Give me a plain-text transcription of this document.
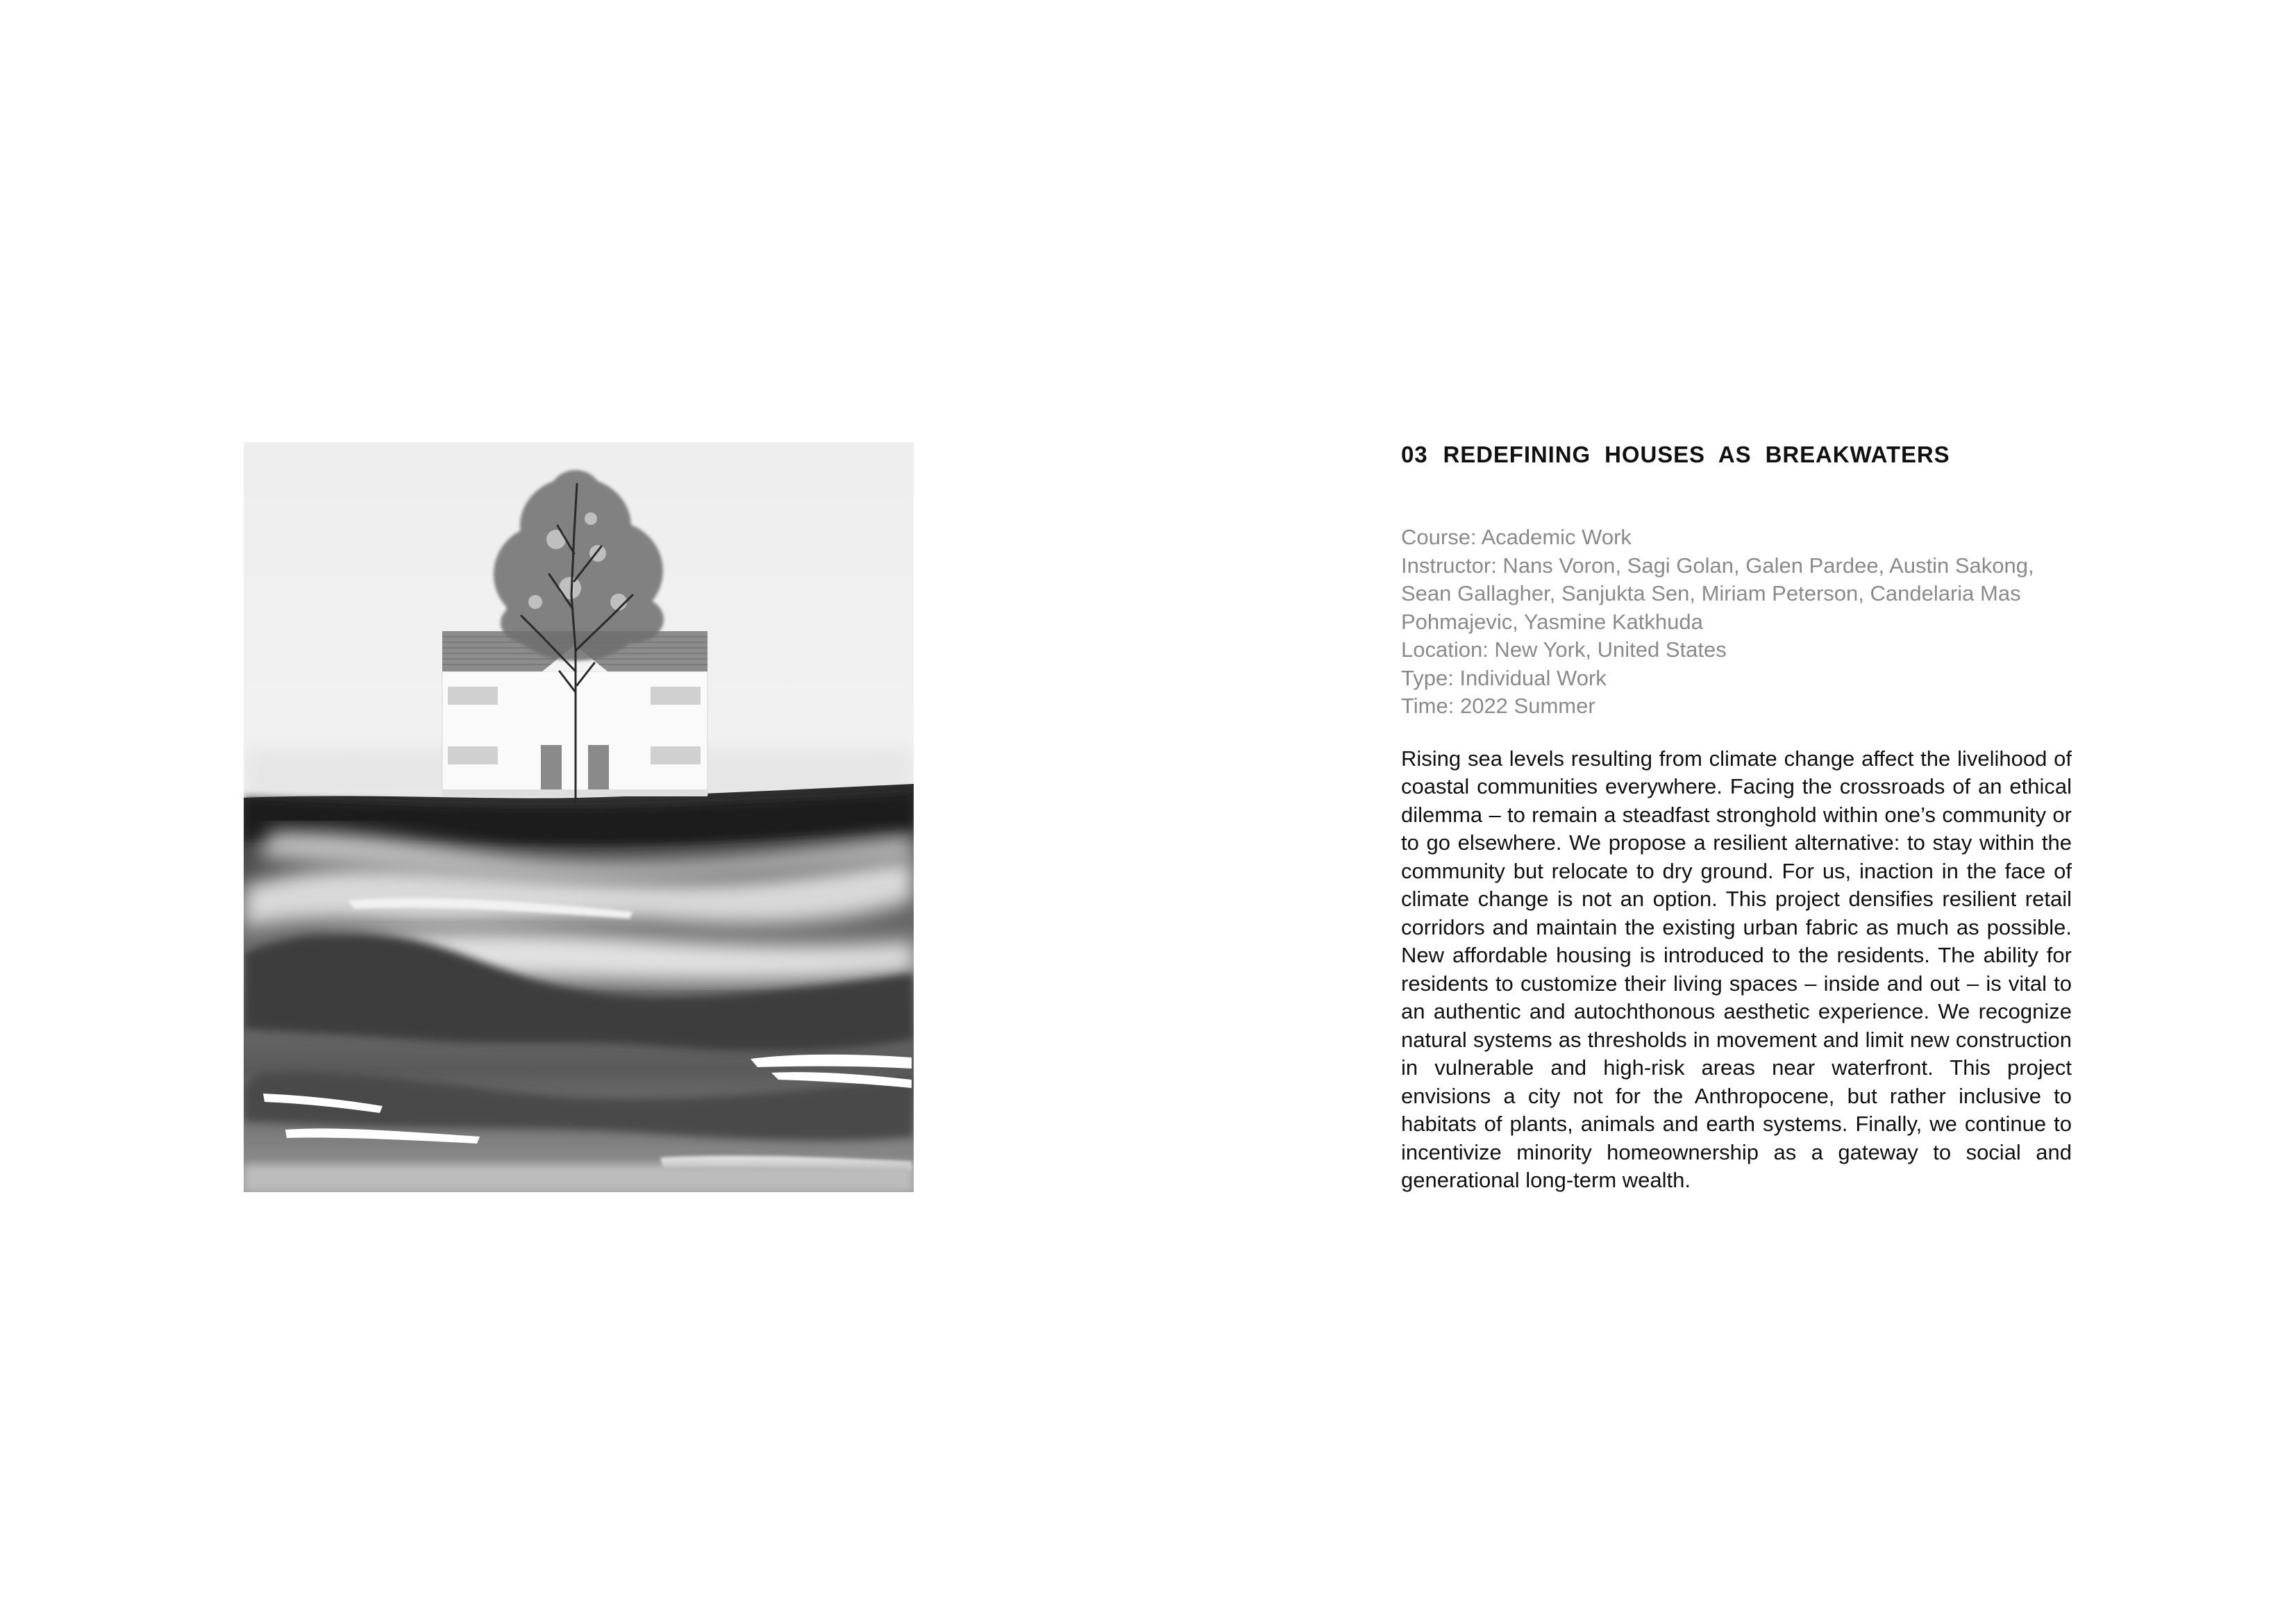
03 REDEFINING  HOUSES  AS  BREAKWATERS
Course: Academic Work
Instructor: Nans Voron, Sagi Golan, Galen Pardee, Austin Sakong, Sean Gallagher, Sanjukta Sen, Miriam Peterson, Candelaria Mas Pohmajevic, Yasmine Katkhuda
Location: New York, United States
Type: Individual Work
Time: 2022 Summer

Rising sea levels resulting from climate change affect the livelihood of coastal communities everywhere. Facing the crossroads of an ethical dilemma – to remain a steadfast stronghold within one’s community or to go elsewhere. We propose a resilient alternative: to stay within the community but relocate to dry ground. For us, inaction in the face of climate change is not an option. This project densifies resilient retail corridors and maintain the existing urban fabric as much as possible. New affordable housing is introduced to the residents. The ability for residents to customize their living spaces – inside and out – is vital to an authentic and autochthonous aesthetic experience. We recognize natural systems as thresholds in movement and limit new construction in vulnerable and high-risk areas near waterfront. This project envisions a city not for the Anthropocene, but rather inclusive to habitats of plants, animals and earth systems. Finally, we continue to incentivize minority homeownership as a gateway to social and generational long-term wealth.
